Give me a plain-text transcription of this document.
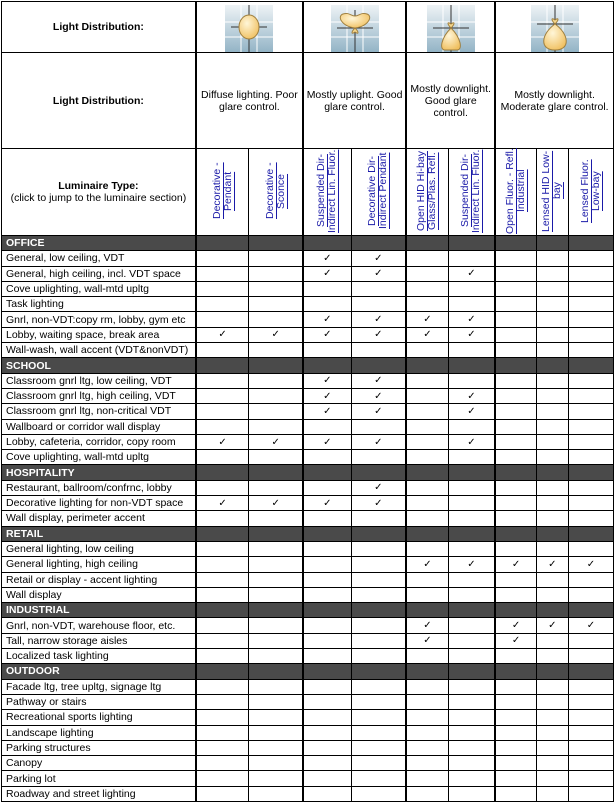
Light Distribution:	

Light Distribution:	Diffuse lighting. Poor glare control.		Mostly uplight. Good glare control.		Mostly downlight. Good glare control.		Mostly downlight. Moderate glare control.		

Luminaire Type:
(click to jump to the luminaire section)	Decorative - Pendant	Decorative - Sconce	Suspended Dir-Indirect Lin. Fluor.	Decorative Dir-Indirect Pendant	Open HID Hi-bay Glass/Plas. Refl.	Suspended Dir-Indirect Lin. Fluor.	Open Fluor. - Refl. Industrial	Lensed HID Low-bay	Lensed Fluor. Low-bay
OFFICE									
General, low ceiling, VDT			✓	✓					
General, high ceiling, incl. VDT space			✓	✓		✓			
Cove uplighting, wall-mtd upltg									
Task lighting									
Gnrl, non-VDT:copy rm, lobby, gym etc			✓	✓	✓	✓			
Lobby, waiting space, break area	✓	✓	✓	✓	✓	✓			
Wall-wash, wall accent (VDT&nonVDT)									
SCHOOL									
Classroom gnrl ltg, low ceiling, VDT			✓	✓					
Classroom gnrl ltg, high ceiling, VDT			✓	✓		✓			
Classroom gnrl ltg, non-critical VDT			✓	✓		✓			
Wallboard or corridor wall display									
Lobby, cafeteria, corridor, copy room	✓	✓	✓	✓		✓			
Cove uplighting, wall-mtd upltg									
HOSPITALITY									
Restaurant, ballroom/confrnc, lobby				✓					
Decorative lighting for non-VDT space	✓	✓	✓	✓					
Wall display, perimeter accent									
RETAIL									
General lighting, low ceiling									
General lighting, high ceiling					✓	✓	✓	✓	✓
Retail or display - accent lighting									
Wall display									
INDUSTRIAL									
Gnrl, non-VDT, warehouse floor, etc.					✓		✓	✓	✓
Tall, narrow storage aisles					✓		✓		
Localized task lighting									
OUTDOOR									
Facade ltg, tree upltg, signage ltg									
Pathway or stairs									
Recreational sports lighting									
Landscape lighting									
Parking structures									
Canopy									
Parking lot									
Roadway and street lighting									
